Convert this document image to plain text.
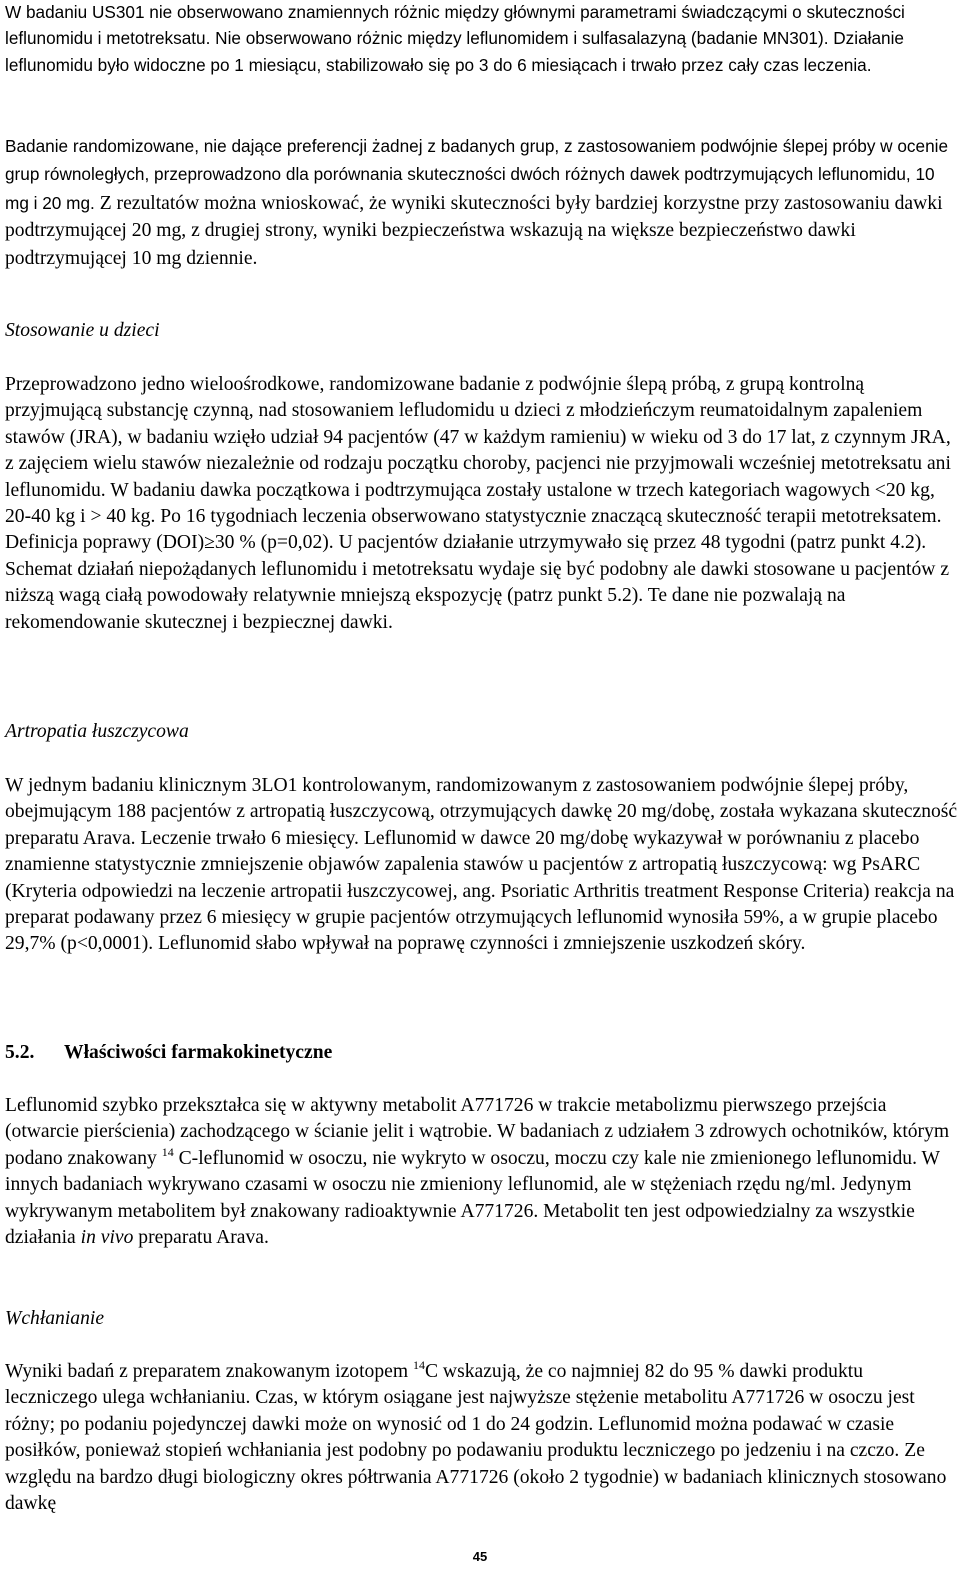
W badaniu US301 nie obserwowano znamiennych różnic między głównymi parametrami świadczącymi o skuteczności leflunomidu i metotreksatu. Nie obserwowano różnic między leflunomidem i sulfasalazyną (badanie MN301). Działanie leflunomidu było widoczne po 1 miesiącu, stabilizowało się po 3 do 6 miesiącach i trwało przez cały czas leczenia.

Badanie randomizowane, nie dające preferencji żadnej z badanych grup, z zastosowaniem podwójnie ślepej próby w ocenie grup równoległych, przeprowadzono dla porównania skuteczności dwóch różnych dawek podtrzymujących leflunomidu, 10 mg i 20 mg. Z rezultatów można wnioskować, że wyniki skuteczności były bardziej korzystne przy zastosowaniu dawki podtrzymującej 20 mg, z drugiej strony, wyniki bezpieczeństwa wskazują na większe bezpieczeństwo dawki podtrzymującej 10 mg dziennie.

Stosowanie u dzieci

Przeprowadzono jedno wieloośrodkowe, randomizowane badanie z podwójnie ślepą próbą, z grupą kontrolną przyjmującą substancję czynną, nad stosowaniem lefludomidu u dzieci z młodzieńczym reumatoidalnym zapaleniem stawów (JRA), w badaniu wzięło udział 94 pacjentów (47 w każdym ramieniu) w wieku od 3 do 17 lat, z czynnym JRA, z zajęciem wielu stawów niezależnie od rodzaju początku choroby, pacjenci nie przyjmowali wcześniej metotreksatu ani leflunomidu. W badaniu dawka początkowa i podtrzymująca zostały ustalone w trzech kategoriach wagowych <20 kg, 20-40 kg i > 40 kg. Po 16 tygodniach leczenia obserwowano statystycznie znaczącą skuteczność terapii metotreksatem. Definicja poprawy (DOI)≥30 % (p=0,02). U pacjentów działanie utrzymywało się przez 48 tygodni (patrz punkt 4.2). Schemat działań niepożądanych leflunomidu i metotreksatu wydaje się być podobny ale dawki stosowane u pacjentów z niższą wagą ciałą powodowały relatywnie mniejszą ekspozycję (patrz punkt 5.2). Te dane nie pozwalają na rekomendowanie skutecznej i bezpiecznej dawki.

Artropatia łuszczycowa

W jednym badaniu klinicznym 3LO1 kontrolowanym, randomizowanym z zastosowaniem podwójnie ślepej próby, obejmującym 188 pacjentów z artropatią łuszczycową, otrzymujących dawkę 20 mg/dobę, została wykazana skuteczność preparatu Arava. Leczenie trwało 6 miesięcy. Leflunomid w dawce 20 mg/dobę wykazywał w porównaniu z placebo znamienne statystycznie zmniejszenie objawów zapalenia stawów u pacjentów z artropatią łuszczycową: wg PsARC (Kryteria odpowiedzi na leczenie artropatii łuszczycowej, ang. Psoriatic Arthritis treatment Response Criteria) reakcja na preparat podawany przez 6 miesięcy w grupie pacjentów otrzymujących leflunomid wynosiła 59%, a w grupie placebo 29,7% (p<0,0001). Leflunomid słabo wpływał na poprawę czynności i zmniejszenie uszkodzeń skóry.

5.2. Właściwości farmakokinetyczne

Leflunomid szybko przekształca się w aktywny metabolit A771726 w trakcie metabolizmu pierwszego przejścia (otwarcie pierścienia) zachodzącego w ścianie jelit i wątrobie. W badaniach z udziałem 3 zdrowych ochotników, którym podano znakowany $^{14}$ C-leflunomid w osoczu, nie wykryto w osoczu, moczu czy kale nie zmienionego leflunomidu. W innych badaniach wykrywano czasami w osoczu nie zmieniony leflunomid, ale w stężeniach rzędu ng/ml. Jedynym wykrywanym metabolitem był znakowany radioaktywnie A771726. Metabolit ten jest odpowiedzialny za wszystkie działania in vivo preparatu Arava.

Wchłanianie

Wyniki badań z preparatem znakowanym izotopem $^{14}$C wskazują, że co najmniej 82 do 95 % dawki produktu leczniczego ulega wchłanianiu. Czas, w którym osiągane jest najwyższe stężenie metabolitu A771726 w osoczu jest różny; po podaniu pojedynczej dawki może on wynosić od 1 do 24 godzin. Leflunomid można podawać w czasie posiłków, ponieważ stopień wchłaniania jest podobny po podawaniu produktu leczniczego po jedzeniu i na czczo. Ze względu na bardzo długi biologiczny okres półtrwania A771726 (około 2 tygodnie) w badaniach klinicznych stosowano dawkę

45
